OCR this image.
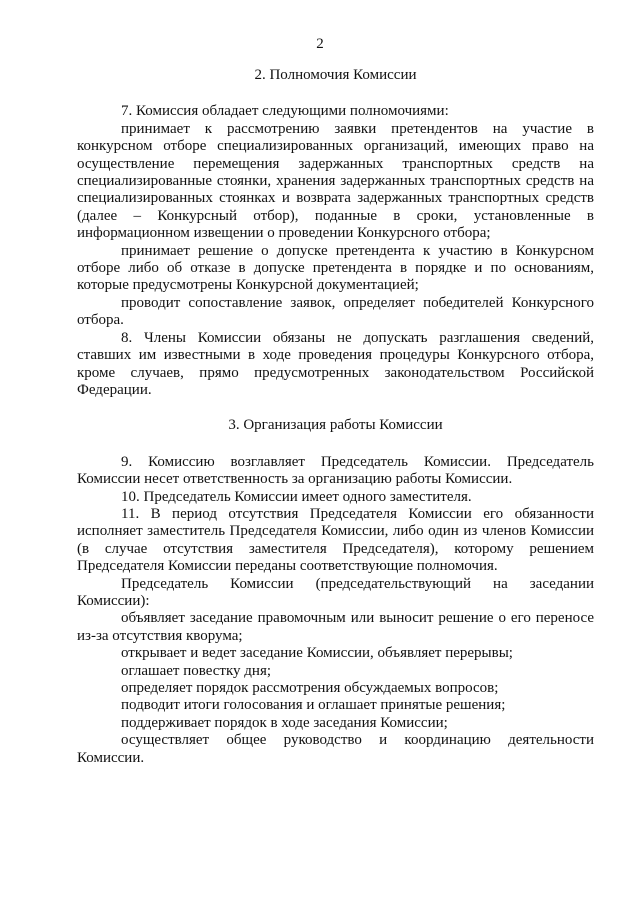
2

2. Полномочия Комиссии

7. Комиссия обладает следующими полномочиями:

принимает к рассмотрению заявки претендентов на участие в конкурсном отборе специализированных организаций, имеющих право на осуществление перемещения задержанных транспортных средств на специализированные стоянки, хранения задержанных транспортных средств на специализированных стоянках и возврата задержанных транспортных средств (далее – Конкурсный отбор), поданные в сроки, установленные в информационном извещении о проведении Конкурсного отбора;

принимает решение о допуске претендента к участию в Конкурсном отборе либо об отказе в допуске претендента в порядке и по основаниям, которые предусмотрены Конкурсной документацией;

проводит сопоставление заявок, определяет победителей Конкурсного отбора.

8. Члены Комиссии обязаны не допускать разглашения сведений, ставших им известными в ходе проведения процедуры Конкурсного отбора, кроме случаев, прямо предусмотренных законодательством Российской Федерации.

3. Организация работы Комиссии

9. Комиссию возглавляет Председатель Комиссии. Председатель Комиссии несет ответственность за организацию работы Комиссии.

10. Председатель Комиссии имеет одного заместителя.

11. В период отсутствия Председателя Комиссии его обязанности исполняет заместитель Председателя Комиссии, либо один из членов Комиссии (в случае отсутствия заместителя Председателя), которому решением Председателя Комиссии переданы соответствующие полномочия.

Председатель Комиссии (председательствующий на заседании Комиссии):

объявляет заседание правомочным или выносит решение о его переносе из-за отсутствия кворума;

открывает и ведет заседание Комиссии, объявляет перерывы;

оглашает повестку дня;

определяет порядок рассмотрения обсуждаемых вопросов;

подводит итоги голосования и оглашает принятые решения;

поддерживает порядок в ходе заседания Комиссии;

осуществляет общее руководство и координацию деятельности Комиссии.
